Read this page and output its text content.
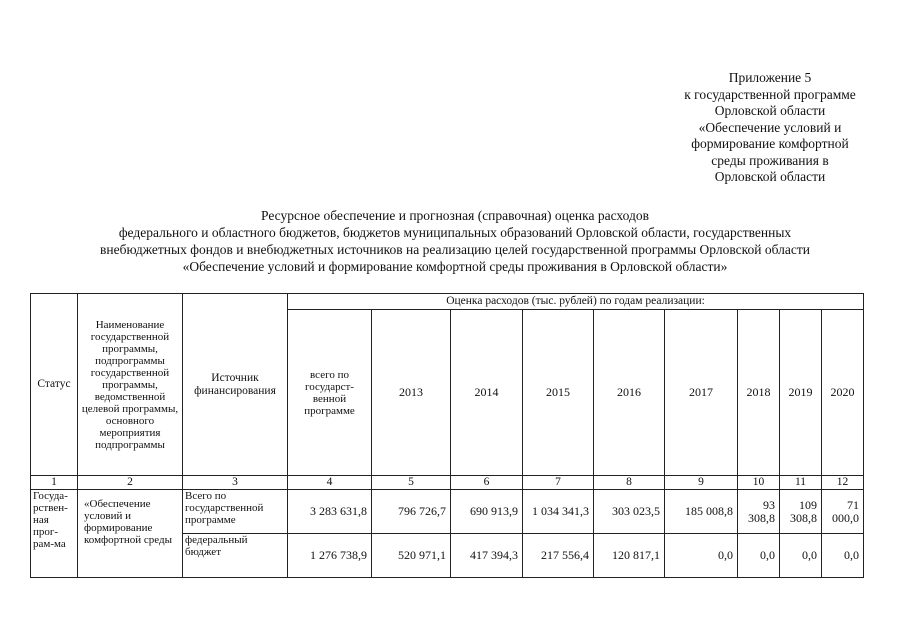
Приложение 5
к государственной программе
Орловской области
«Обеспечение условий и
формирование комфортной
среды проживания в
Орловской области
Ресурсное обеспечение и прогнозная (справочная) оценка расходов
федерального и областного бюджетов, бюджетов муниципальных образований Орловской области, государственных
внебюджетных фондов и внебюджетных источников на реализацию целей государственной программы Орловской области
«Обеспечение условий и формирование комфортной среды проживания в Орловской области»
Статус	Наименование государственной программы, подпрограммы государственной программы, ведомственной целевой программы, основного мероприятия подпрограммы	Источник финансирования	Оценка расходов (тыс. рублей) по годам реализации:								
			всего по государст-венной программе	2013	2014	2015	2016	2017	2018	2019	2020
1	2	3	4	5	6	7	8	9	10	11	12
Госуда-рствен-ная прог-рам-ма	«Обеспечение условий и формирование комфортной среды	Всего по государственной программе	3 283 631,8	796 726,7	690 913,9	1 034 341,3	303 023,5	185 008,8	93 308,8	109 308,8	71 000,0
		федеральный бюджет	1 276 738,9	520 971,1	417 394,3	217 556,4	120 817,1	0,0	0,0	0,0	0,0
